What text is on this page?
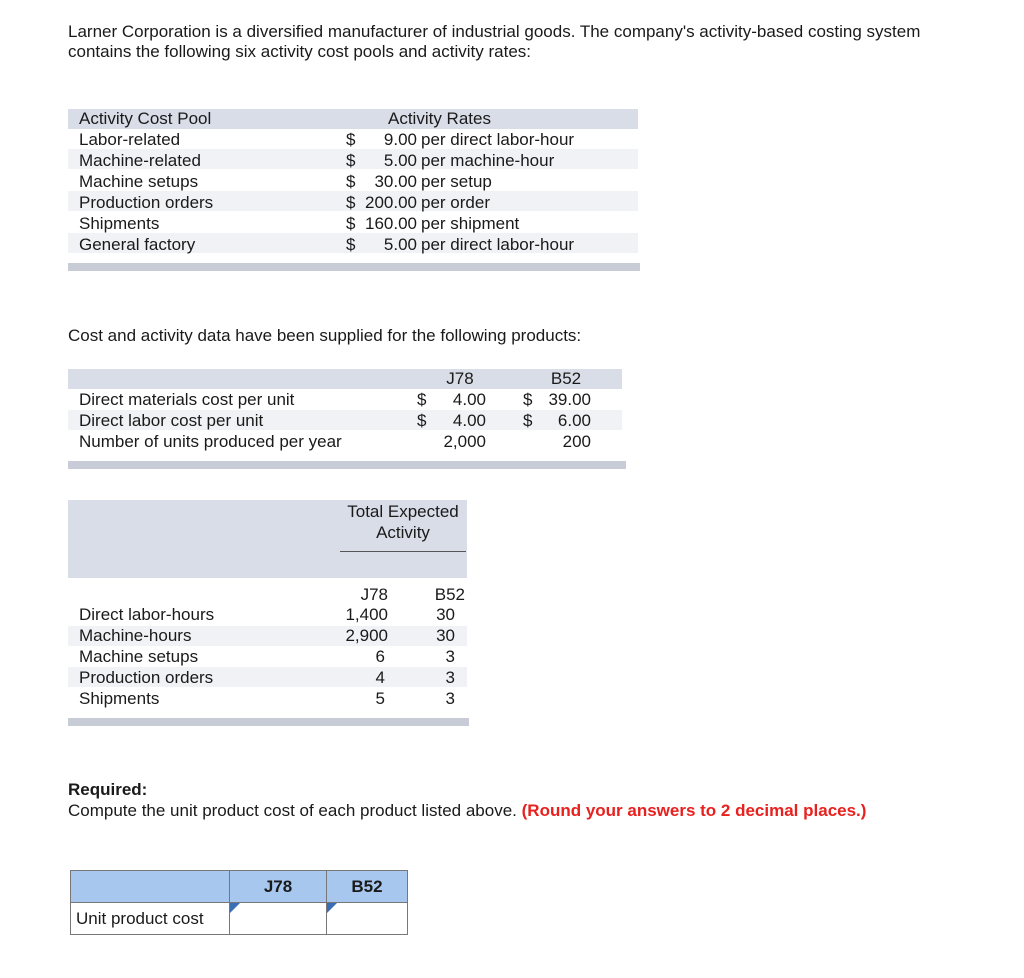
Larner Corporation is a diversified manufacturer of industrial goods. The company's activity-based costing system contains the following six activity cost pools and activity rates:
Activity Cost Pool	Activity Rates
Labor-related	$	9.00 per direct labor-hour
Machine-related	$	5.00 per machine-hour
Machine setups	$	30.00 per setup
Production orders	$ 200.00 per order
Shipments	$ 160.00 per shipment
General factory	$	5.00 per direct labor-hour
Cost and activity data have been supplied for the following products:
J78	B52
Direct materials cost per unit	$	4.00 $ 39.00
Direct labor cost per unit	$	4.00 $	6.00
Number of units produced per year	2,000	200
Total Expected
Activity
J78	B52
Direct labor-hours	1,400	30
Machine-hours	2,900	30
Machine setups	6	3
Production orders	4	3
Shipments	5	3
Required:
Compute the unit product cost of each product listed above. (Round your answers to 2 decimal places.)
	J78	B52
Unit product cost	
